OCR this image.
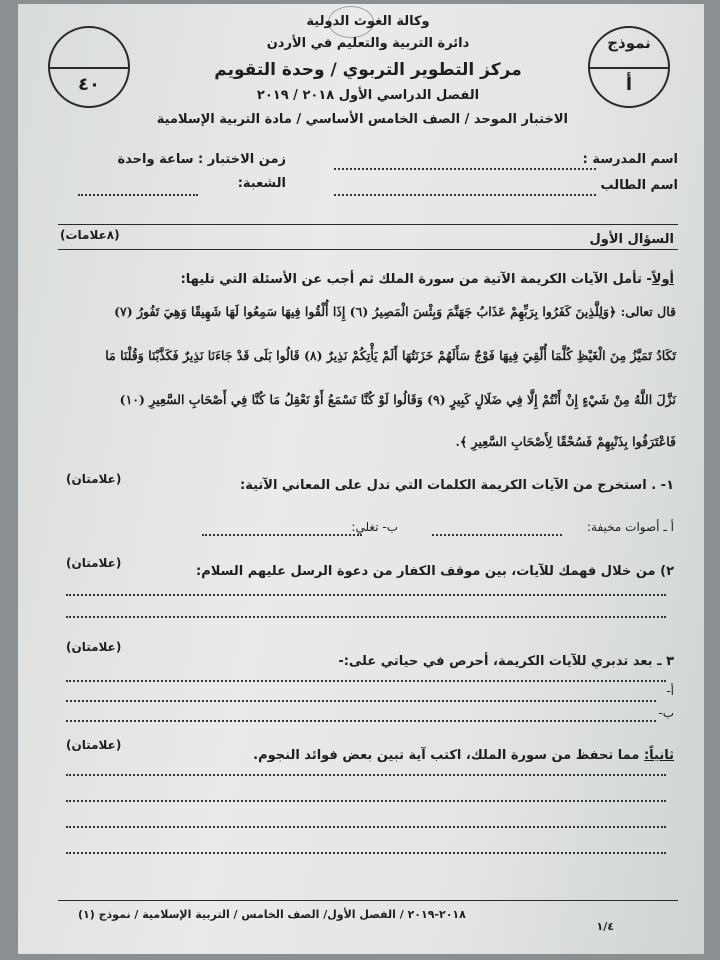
وكالة الغوث الدولية
دائرة التربية والتعليم في الأردن
مركز التطوير التربوي / وحدة التقويم
الفصل الدراسي الأول ٢٠١٨ / ٢٠١٩
الاختبار الموحد / الصف الخامس الأساسي / مادة التربية الإسلامية
نموذج
أ
٤٠
اسم المدرسة :
اسم الطالب
زمن الاختبار : ساعة واحدة
الشعبة:
السؤال الأول
(٨علامات)
أولاً- تأمل الآيات الكريمة الآتية من سورة الملك ثم أجب عن الأسئلة التي تليها:
قال تعالى: ﴿وَلِلَّذِينَ كَفَرُوا بِرَبِّهِمْ عَذَابُ جَهَنَّمَ وَبِئْسَ الْمَصِيرُ (٦) إِذَا أُلْقُوا فِيهَا سَمِعُوا لَهَا شَهِيقًا وَهِيَ تَفُورُ (٧)
تَكَادُ تَمَيَّزُ مِنَ الْغَيْظِ كُلَّمَا أُلْقِيَ فِيهَا فَوْجٌ سَأَلَهُمْ خَزَنَتُهَا أَلَمْ يَأْتِكُمْ نَذِيرٌ (٨) قَالُوا بَلَى قَدْ جَاءَنَا نَذِيرٌ فَكَذَّبْنَا وَقُلْنَا مَا
نَزَّلَ اللَّهُ مِنْ شَيْءٍ إِنْ أَنْتُمْ إِلَّا فِي ضَلَالٍ كَبِيرٍ (٩) وَقَالُوا لَوْ كُنَّا نَسْمَعُ أَوْ نَعْقِلُ مَا كُنَّا فِي أَصْحَابِ السَّعِيرِ (١٠)
فَاعْتَرَفُوا بِذَنْبِهِمْ فَسُحْقًا لِأَصْحَابِ السَّعِيرِ ﴾.
١- . استخرج من الآيات الكريمة الكلمات التي تدل على المعاني الآتية:
(علامتان)
أ ـ أصوات مخيفة:
ب- تغلي:
٢) من خلال فهمك للآيات، بين موقف الكفار من دعوة الرسل عليهم السلام:
(علامتان)
٣ ـ بعد تدبري للآيات الكريمة، أحرص في حياتي على:-
(علامتان)
أ-
ب-
ثانياً: مما تحفظ من سورة الملك، اكتب آية تبين بعض فوائد النجوم.
(علامتان)
٢٠١٨-٢٠١٩ / الفصل الأول/ الصف الخامس / التربية الإسلامية / نموذج (١)
١/٤
